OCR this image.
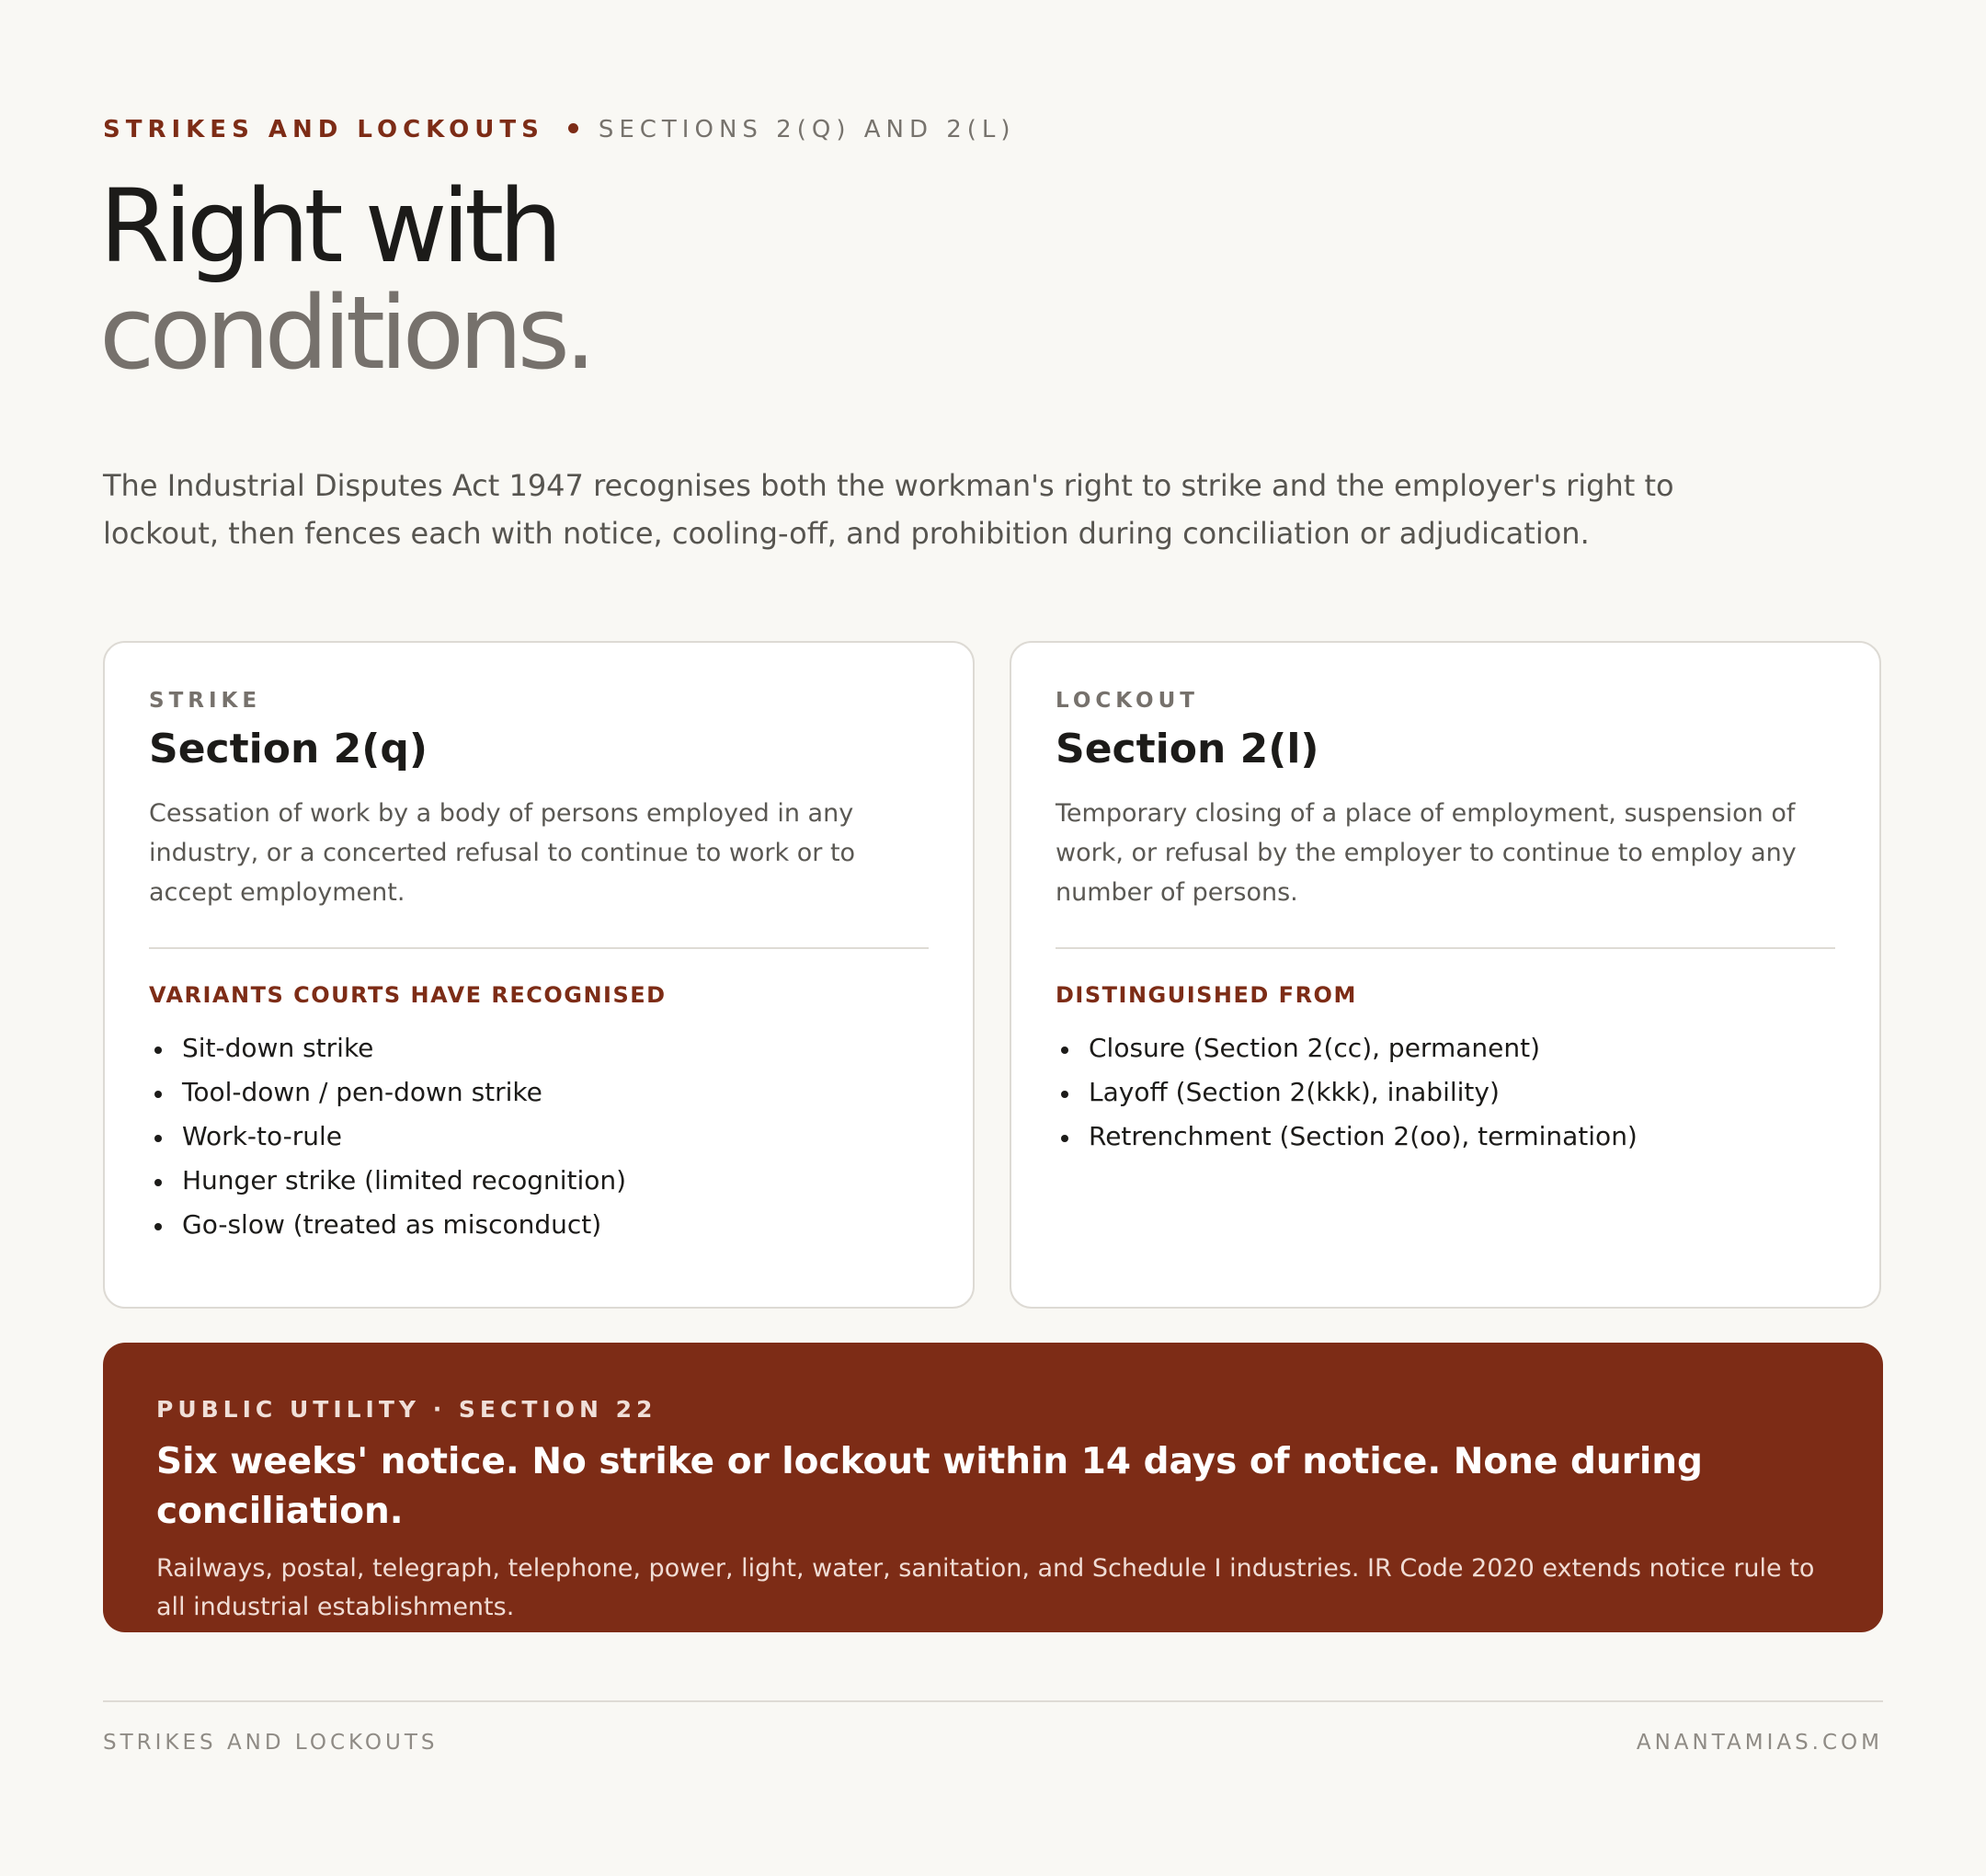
STRIKES AND LOCKOUTS SECTIONS 2(Q) AND 2(L)
Right with
conditions.

The Industrial Disputes Act 1947 recognises both the workman's right to strike and the employer's right to lockout, then fences each with notice, cooling-off, and prohibition during conciliation or adjudication.

STRIKE
Section 2(q)
Cessation of work by a body of persons employed in any industry, or a concerted refusal to continue to work or to accept employment.
VARIANTS COURTS HAVE RECOGNISED
Sit-down strike
Tool-down / pen-down strike
Work-to-rule
Hunger strike (limited recognition)
Go-slow (treated as misconduct)
LOCKOUT
Section 2(l)
Temporary closing of a place of employment, suspension of work, or refusal by the employer to continue to employ any number of persons.
DISTINGUISHED FROM
Closure (Section 2(cc), permanent)
Layoff (Section 2(kkk), inability)
Retrenchment (Section 2(oo), termination)
PUBLIC UTILITY · SECTION 22
Six weeks' notice. No strike or lockout within 14 days of notice. None during conciliation.
Railways, postal, telegraph, telephone, power, light, water, sanitation, and Schedule I industries. IR Code 2020 extends notice rule to all industrial establishments.
STRIKES AND LOCKOUTS	ANANTAMIAS.COM
